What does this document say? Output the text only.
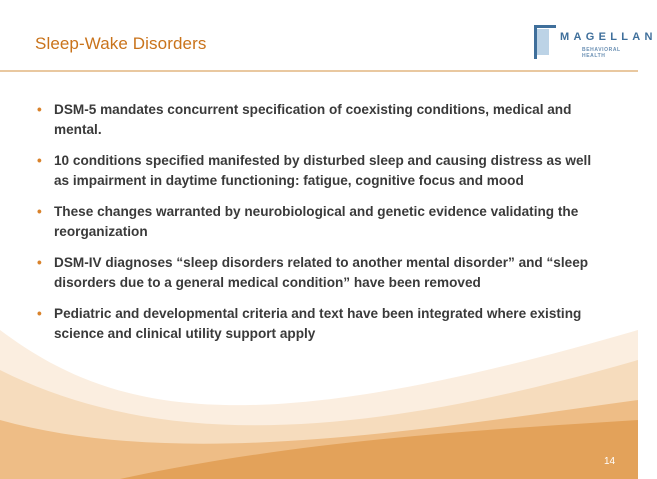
Sleep-Wake Disorders	MAGELLAN
BEHAVIORAL HEALTH
• DSM-5 mandates concurrent specification of coexisting conditions, medical and mental.
• 10 conditions specified manifested by disturbed sleep and causing distress as well as impairment in daytime functioning: fatigue, cognitive focus and mood
• These changes warranted by neurobiological and genetic evidence validating the reorganization
• DSM-IV diagnoses “sleep disorders related to another mental disorder” and “sleep disorders due to a general medical condition” have been removed
• Pediatric and developmental criteria and text have been integrated where existing science and clinical utility support apply
14
